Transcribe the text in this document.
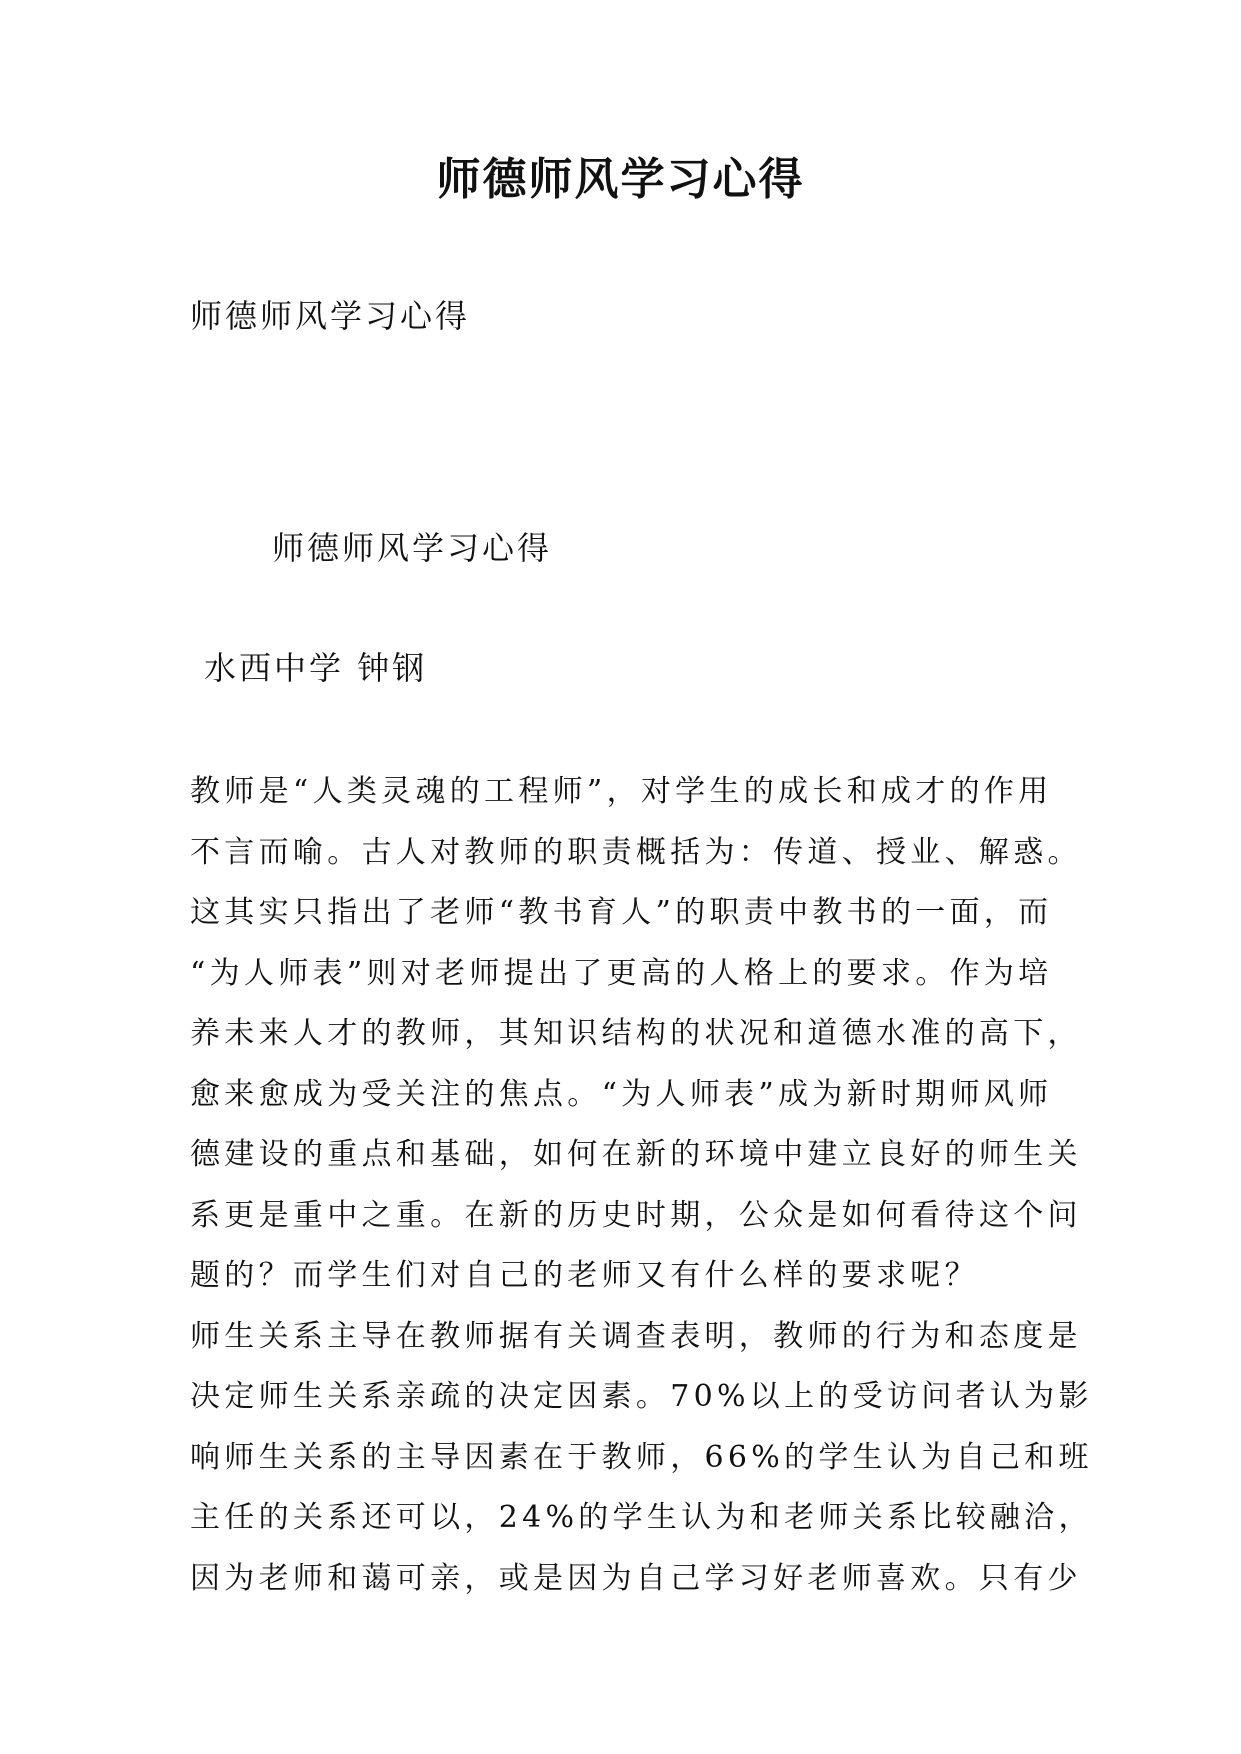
师德师风学习心得

师德师风学习心得

师德师风学习心得

水西中学 钟钢

教师是“人类灵魂的工程师”，对学生的成长和成才的作用
不言而喻。古人对教师的职责概括为：传道、授业、解惑。
这其实只指出了老师“教书育人”的职责中教书的一面，而
“为人师表”则对老师提出了更高的人格上的要求。作为培
养未来人才的教师，其知识结构的状况和道德水准的高下，
愈来愈成为受关注的焦点。“为人师表”成为新时期师风师
德建设的重点和基础，如何在新的环境中建立良好的师生关
系更是重中之重。在新的历史时期，公众是如何看待这个问
题的？而学生们对自己的老师又有什么样的要求呢？
师生关系主导在教师据有关调查表明，教师的行为和态度是
决定师生关系亲疏的决定因素。70%以上的受访问者认为影
响师生关系的主导因素在于教师，66%的学生认为自己和班
主任的关系还可以，24%的学生认为和老师关系比较融洽，
因为老师和蔼可亲，或是因为自己学习好老师喜欢。只有少
